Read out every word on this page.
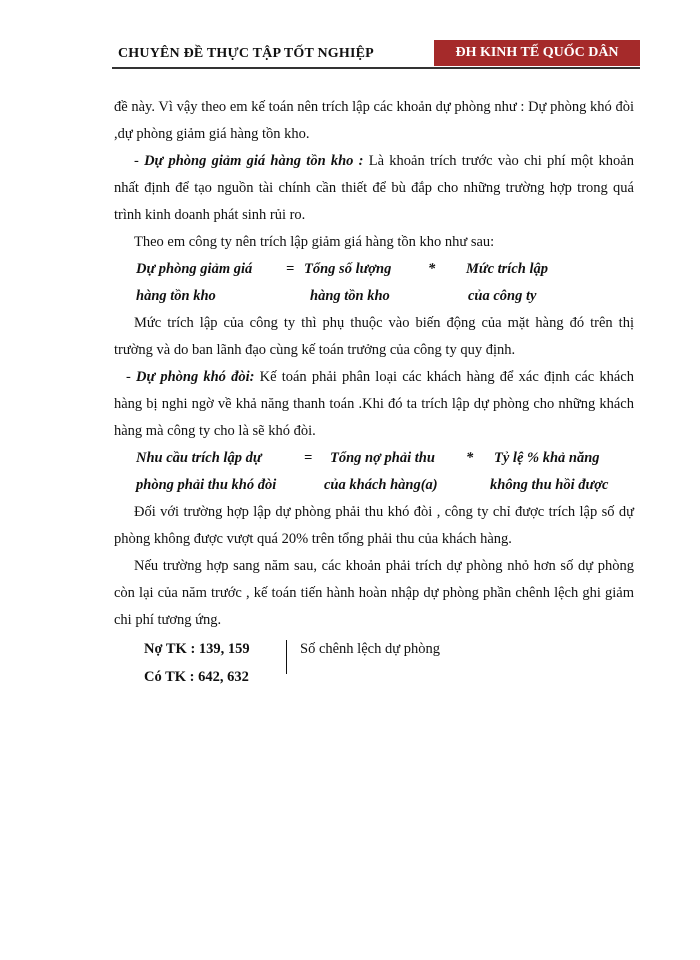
CHUYÊN ĐỀ THỰC TẬP TỐT NGHIỆP	ĐH KINH TẾ QUỐC DÂN

đề này. Vì vậy theo em kế toán nên trích lập các khoản dự phòng như : Dự phòng khó đòi ,dự phòng giảm giá hàng tồn kho.

- Dự phòng giảm giá hàng tồn kho : Là khoản trích trước vào chi phí một khoản nhất định để tạo nguồn tài chính cần thiết để bù đắp cho những trường hợp trong quá trình kinh doanh phát sinh rủi ro.

Theo em công ty nên trích lập giảm giá hàng tồn kho như sau:

Dự phòng giảm giá
hàng tồn kho
= Tổng số lượng
hàng tồn kho
* Mức trích lập
của công ty

Mức trích lập của công ty thì phụ thuộc vào biến động của mặt hàng đó trên thị trường và do ban lãnh đạo cùng kế toán trưởng của công ty quy định.

- Dự phòng khó đòi: Kế toán phải phân loại các khách hàng để xác định các khách hàng bị nghi ngờ về khả năng thanh toán .Khi đó ta trích lập dự phòng cho những khách hàng mà công ty cho là sẽ khó đòi.

Nhu cầu trích lập dự
phòng phải thu khó đòi
= Tổng nợ phải thu
của khách hàng(a)
* Tỷ lệ % khả năng
không thu hồi được

Đối với trường hợp lập dự phòng phải thu khó đòi , công ty chỉ được trích lập số dự phòng không được vượt quá 20% trên tổng phải thu của khách hàng.

Nếu trường hợp sang năm sau, các khoản phải trích dự phòng nhỏ hơn số dự phòng còn lại của năm trước , kế toán tiến hành hoàn nhập dự phòng phần chênh lệch ghi giảm chi phí tương ứng.

Nợ TK : 139, 159
Có TK : 642, 632
Số chênh lệch dự phòng
